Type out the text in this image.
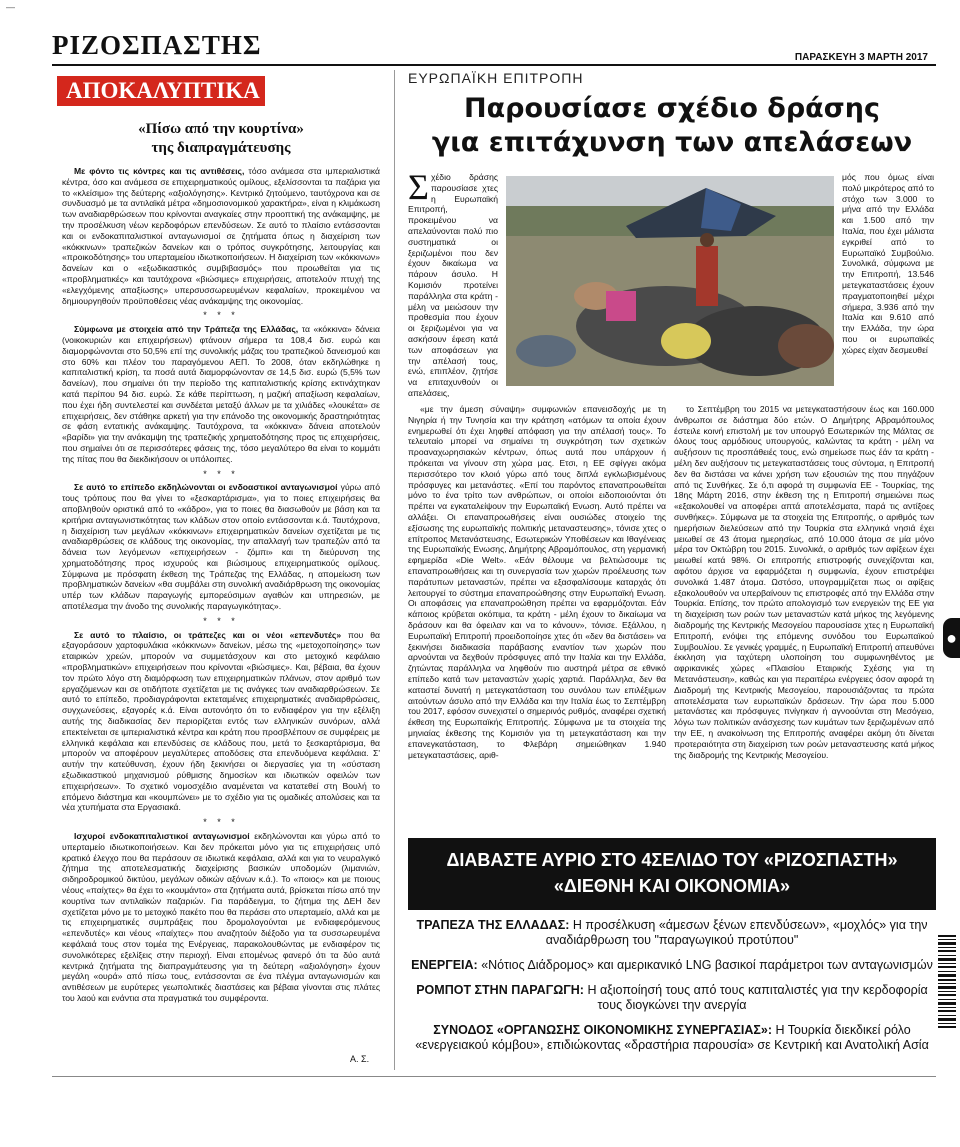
—
ΡΙΖΟΣΠΑΣΤΗΣ	ΠΑΡΑΣΚΕΥΗ 3 ΜΑΡΤΗ 2017
ΑΠΟΚΑΛΥΠΤΙΚΑ
«Πίσω από την κουρτίνα»
της διαπραγμάτευσης

Με φόντο τις κόντρες και τις αντιθέσεις, τόσο ανάμεσα στα ιμπεριαλιστικά κέντρα, όσο και ανάμεσα σε επιχειρηματικούς ομίλους, εξελίσσονται τα παζάρια για το «κλείσιμο» της δεύτερης «αξιολόγησης». Κεντρικό ζητούμενο, ταυτόχρονα και σε συνδυασμό με τα αντιλαϊκά μέτρα «δημοσιονομικού χαρακτήρα», είναι η κλιμάκωση των αναδιαρθρώσεων που κρίνονται αναγκαίες στην προοπτική της ανάκαμψης, με την προσέλκυση νέων κερδοφόρων επενδύσεων. Σε αυτό το πλαίσιο εντάσσονται και οι ενδοκαπιταλιστικοί ανταγωνισμοί σε ζητήματα όπως η διαχείριση των «κόκκινων» τραπεζικών δανείων και ο τρόπος συγκρότησης, λειτουργίας και «προικοδότησης» του υπερταμείου ιδιωτικοποιήσεων. Η διαχείριση των «κόκκινων» δανείων και ο «εξωδικαστικός συμβιβασμός» που προωθείται για τις «προβληματικές» και ταυτόχρονα «βιώσιμες» επιχειρήσεις, αποτελούν πτυχή της «ελεγχόμενης απαξίωσης» υπερσυσσωρευμένων κεφαλαίων, προκειμένου να δημιουργηθούν προϋποθέσεις νέας ανάκαμψης της οικονομίας.

* * *

Σύμφωνα με στοιχεία από την Τράπεζα της Ελλάδας, τα «κόκκινα» δάνεια (νοικοκυριών και επιχειρήσεων) φτάνουν σήμερα τα 108,4 δισ. ευρώ και διαμορφώνονται στο 50,5% επί της συνολικής μάζας του τραπεζικού δανεισμού και στο 60% και πλέον του παραγόμενου ΑΕΠ. Το 2008, όταν εκδηλώθηκε η καπιταλιστική κρίση, τα ποσά αυτά διαμορφώνονταν σε 14,5 δισ. ευρώ (5,5% των δανείων), που σημαίνει ότι την περίοδο της καπιταλιστικής κρίσης εκτινάχτηκαν κατά περίπου 94 δισ. ευρώ. Σε κάθε περίπτωση, η μαζική απαξίωση κεφαλαίων, που έχει ήδη συντελεστεί και συνδέεται μεταξύ άλλων με τα χιλιάδες «λουκέτα» σε επιχειρήσεις, δεν στάθηκε αρκετή για την επάνοδο της οικονομικής δραστηριότητας σε φάση εντατικής ανάκαμψης. Ταυτόχρονα, τα «κόκκινα» δάνεια αποτελούν «βαρίδι» για την ανάκαμψη της τραπεζικής χρηματοδότησης προς τις επιχειρήσεις, που σημαίνει ότι σε περισσότερες φάσεις της, τόσο μεγαλύτερο θα είναι το κομμάτι της πίτας που θα διεκδικήσουν οι υπόλοιπες.

* * *

Σε αυτό το επίπεδο εκδηλώνονται οι ενδοαστικοί ανταγωνισμοί γύρω από τους τρόπους που θα γίνει το «ξεσκαρτάρισμα», για το ποιες επιχειρήσεις θα αποβληθούν οριστικά από το «κάδρο», για το ποιες θα διασωθούν με βάση και τα κριτήρια ανταγωνιστικότητας των κλάδων στον οποίο εντάσσονται κ.ά. Ταυτόχρονα, η διαχείριση των μεγάλων «κόκκινων» επιχειρηματικών δανείων σχετίζεται με τις αναδιαρθρώσεις σε κλάδους της οικονομίας, την απαλλαγή των τραπεζών από τα δάνεια των λεγόμενων «επιχειρήσεων - ζόμπι» και τη διεύρυνση της χρηματοδότησης προς ισχυρούς και βιώσιμους επιχειρηματικούς ομίλους. Σύμφωνα με πρόσφατη έκθεση της Τράπεζας της Ελλάδας, η απομείωση των προβληματικών δανείων «θα συμβάλει στη συνολική αναδιάρθρωση της οικονομίας υπέρ των κλάδων παραγωγής εμπορεύσιμων αγαθών και υπηρεσιών, με αποτέλεσμα την άνοδο της συνολικής παραγωγικότητας».

* * *

Σε αυτό το πλαίσιο, οι τράπεζες και οι νέοι «επενδυτές» που θα εξαγοράσουν χαρτοφυλάκια «κόκκινων» δανείων, μέσω της «μετοχοποίησης» των εταιρικών χρεών, μπορούν να συμμετάσχουν και στο μετοχικό κεφάλαιο «προβληματικών» επιχειρήσεων που κρίνονται «βιώσιμες». Και, βέβαια, θα έχουν τον πρώτο λόγο στη διαμόρφωση των επιχειρηματικών πλάνων, στον αριθμό των εργαζόμενων και σε οτιδήποτε σχετίζεται με τις ανάγκες των αναδιαρθρώσεων. Σε αυτό το επίπεδο, προδιαγράφονται εκτεταμένες επιχειρηματικές αναδιαρθρώσεις, συγχωνεύσεις, εξαγορές κ.ά. Είναι αυτονόητο ότι το ενδιαφέρον για την εξέλιξη αυτής της διαδικασίας δεν περιορίζεται εντός των ελληνικών συνόρων, αλλά επεκτείνεται σε ιμπεριαλιστικά κέντρα και κράτη που προσβλέπουν σε συμφέρεις με ελληνικά κεφάλαια και επενδύσεις σε κλάδους που, μετά το ξεσκαρτάρισμα, θα μπορούν να αποφέρουν μεγαλύτερες αποδόσεις στα επενδυόμενα κεφάλαια. Σ' αυτήν την κατεύθυνση, έχουν ήδη ξεκινήσει οι διεργασίες για τη «σύσταση εξωδικαστικού μηχανισμού ρύθμισης δημοσίων και ιδιωτικών οφειλών των επιχειρήσεων». Το σχετικό νομοσχέδιο αναμένεται να κατατεθεί στη Βουλή το επόμενο διάστημα και «κουμπώνει» με το σχέδιο για τις ομαδικές απολύσεις και τα νέα χτυπήματα στα Εργασιακά.

* * *

Ισχυροί ενδοκαπιταλιστικοί ανταγωνισμοί εκδηλώνονται και γύρω από το υπερταμείο ιδιωτικοποιήσεων. Και δεν πρόκειται μόνο για τις επιχειρήσεις υπό κρατικό έλεγχο που θα περάσουν σε ιδιωτικά κεφάλαια, αλλά και για το νευραλγικό ζήτημα της αποτελεσματικής διαχείρισης βασικών υποδομών (λιμανιών, σιδηροδρομικού δικτύου, μεγάλων οδικών αξόνων κ.ά.). Το «ποιος» και με ποιους νέους «παίχτες» θα έχει το «κουμάντο» στα ζητήματα αυτά, βρίσκεται πίσω από την κουρτίνα των αντιλαϊκών παζαριών. Για παράδειγμα, το ζήτημα της ΔΕΗ δεν σχετίζεται μόνο με το μετοχικό πακέτο που θα περάσει στο υπερταμείο, αλλά και με τις επιχειρηματικές συμπράξεις που δρομολογούνται με ενδιαφερόμενους «επενδυτές» και νέους «παίχτες» που αναζητούν διέξοδο για τα συσσωρευμένα κεφάλαιά τους στον τομέα της Ενέργειας, παρακολουθώντας με ενδιαφέρον τις συνολικότερες εξελίξεις στην περιοχή. Είναι επομένως φανερό ότι τα δύο αυτά κεντρικά ζητήματα της διαπραγμάτευσης για τη δεύτερη «αξιολόγηση» έχουν μεγάλη «ουρά» από πίσω τους, εντάσσονται σε ένα πλέγμα ανταγωνισμών και αντιθέσεων με ευρύτερες γεωπολιτικές διαστάσεις και βέβαια γίνονται στις πλάτες του λαού και ενάντια στα πραγματικά του συμφέροντα.

Α. Σ.
ΕΥΡΩΠΑΪΚΗ ΕΠΙΤΡΟΠΗ
Παρουσίασε σχέδιο δράσης
για επιτάχυνση των απελάσεων

Σχέδιο δράσης παρουσίασε χτες η Ευρωπαϊκή Επιτροπή, προκειμένου να απελαύνονται πολύ πιο συστηματικά οι ξεριζωμένοι που δεν έχουν δικαίωμα να πάρουν άσυλο. Η Κομισιόν προτείνει παράλληλα στα κράτη - μέλη να μειώσουν την προθεσμία που έχουν οι ξεριζωμένοι για να ασκήσουν έφεση κατά των αποφάσεων για την απέλασή τους, ενώ, επιπλέον, ζητήσε να επιταχυνθούν οι απελάσεις,

μός που όμως είναι πολύ μικρότερος από το στόχο των 3.000 το μήνα από την Ελλάδα και 1.500 από την Ιταλία, που έχει μάλιστα εγκριθεί από το Ευρωπαϊκό Συμβούλιο. Συνολικά, σύμφωνα με την Επιτροπή, 13.546 μετεγκαταστάσεις έχουν πραγματοποιηθεί μέχρι σήμερα, 3.936 από την Ιταλία και 9.610 από την Ελλάδα, την ώρα που οι ευρωπαϊκές χώρες είχαν δεσμευθεί

«με την άμεση σύναψη» συμφωνιών επανεισδοχής με τη Νιγηρία ή την Τυνησία και την κράτηση «ατόμων τα οποία έχουν ενημερωθεί ότι έχει ληφθεί απόφαση για την απέλασή τους». Το τελευταίο μπορεί να σημαίνει τη συγκρότηση των σχετικών προαναχωρησιακών κέντρων, όπως αυτά που υπάρχουν ή πρόκειται να γίνουν στη χώρα μας. Ετσι, η ΕΕ σφίγγει ακόμα περισσότερο τον κλοιό γύρω από τους διπλά εγκλωβισμένους πρόσφυγες και μετανάστες. «Επί του παρόντος επαναπροωθείται μόνο το ένα τρίτο των ανθρώπων, οι οποίοι ειδοποιούνται ότι πρέπει να εγκαταλείψουν την Ευρωπαϊκή Ενωση. Αυτό πρέπει να αλλάξει. Οι επαναπροωθήσεις είναι ουσιώδες στοιχείο της εξίσωσης της ευρωπαϊκής πολιτικής μεταναστευσης», τόνισε χτες ο επίτροπος Μετανάστευσης, Εσωτερικών Υποθέσεων και Ιθαγένειας της Ευρωπαϊκής Ενωσης, Δημήτρης Αβραμόπουλος, στη γερμανική εφημερίδα «Die Welt». «Εάν θέλουμε να βελτιώσουμε τις επαναπροωθήσεις και τη συνεργασία των χωρών προέλευσης των παράτυπων μεταναστών, πρέπει να εξασφαλίσουμε καταρχάς ότι λειτουργεί το σύστημα επαναπροώθησης στην Ευρωπαϊκή Ενωση. Οι αποφάσεις για επαναπροώθηση πρέπει να εφαρμόζονται. Εάν κάποιος κρύβεται οκόπιμα, τα κράτη - μέλη έχουν το δικαίωμα να δράσουν και θα όφειλαν και να το κάνουν», τόνισε. Εξάλλου, η Ευρωπαϊκή Επιτροπή προειδοποίησε χτες ότι «δεν θα διστάσει» να ξεκινήσει διαδικασία παράβασης εναντίον των χωρών που αρνούνται να δεχθούν πρόσφυγες από την Ιταλία και την Ελλάδα, ζητώντας παράλληλα να ληφθούν πιο αυστηρά μέτρα σε εθνικό επίπεδο κατά των μεταναστών χωρίς χαρτιά. Παράλληλα, δεν θα καταστεί δυνατή η μετεγκατάσταση του συνόλου των επιλέξιμων αιτούντων άσυλο από την Ελλάδα και την Ιταλία έως το Σεπτέμβρη του 2017, εφόσον συνεχιστεί ο σημερινός ρυθμός, αναφέρει σχετική έκθεση της Ευρωπαϊκής Επιτροπής. Σύμφωνα με τα στοιχεία της μηνιαίας έκθεσης της Κομισιόν για τη μετεγκατάσταση και την επανεγκατάσταση, το Φλεβάρη σημειώθηκαν 1.940 μετεγκαταστάσεις, αριθ-

το Σεπτέμβρη του 2015 να μετεγκαταστήσουν έως και 160.000 άνθρωποι σε διάστημα δύο ετών. Ο Δημήτρης Αβραμόπουλος έστειλε κοινή επιστολή με τον υπουργό Εσωτερικών της Μάλτας σε όλους τους αρμόδιους υπουργούς, καλώντας τα κράτη - μέλη να αυξήσουν τις προσπάθειές τους, ενώ σημείωσε πως έάν τα κράτη - μέλη δεν αυξήσουν τις μετεγκαταστάσεις τους σύντομα, η Επιτροπή δεν θα διστάσει να κάνει χρήση των εξουσιών της που πηγάζουν από τις Συνθήκες. Σε ό,τι αφορά τη συμφωνία ΕΕ - Τουρκίας, της 18ης Μάρτη 2016, στην έκθεση της η Επιτροπή σημειώνει πως «εξακολουθεί να αποφέρει απτά αποτελέσματα, παρά τις αντίξοες συνθήκες». Σύμφωνα με τα στοιχεία της Επιτροπής, ο αριθμός των ημερήσιων διελεύσεων από την Τουρκία στα ελληνικά νησιά έχει μειωθεί σε 43 άτομα ημερησίως, από 10.000 άτομα σε μία μόνο μέρα τον Οκτώβρη του 2015. Συνολικά, ο αριθμός των αφίξεων έχει μειωθεί κατά 98%. Οι επιτροπής επιστροφής συνεχίζονται και, αφότου άρχισε να εφαρμόζεται η συμφωνία, έχουν επιστρέψει συνολικά 1.487 άτομα. Ωστόσο, υπογραμμίζεται πως οι αφίξεις εξακολουθούν να υπερβαίνουν τις επιστροφές από την Ελλάδα στην Τουρκία. Επίσης, τον πρώτο απολογισμό των ενεργειών της ΕΕ για τη διαχείριση των ροών των μεταναστών κατά μήκος της λεγόμενης διαδρομής της Κεντρικής Μεσογείου παρουσίασε χτες η Ευρωπαϊκή Επιτροπή, ενόψει της επόμενης συνόδου του Ευρωπαϊκού Συμβουλίου. Σε γενικές γραμμές, η Ευρωπαϊκή Επιτροπή απευθύνει έκκληση για ταχύτερη υλοποίηση του συμφωνηθέντος με αφρικανικές χώρες «Πλαισίου Εταιρικής Σχέσης για τη Μετανάστευση», καθώς και για περαιτέρω ενέργειες όσον αφορά τη Διαδρομή της Κεντρικής Μεσογείου, παρουσιάζοντας τα πρώτα αποτελέσματα των ευρωπαϊκών δράσεων. Την ώρα που 5.000 μετανάστες και πρόσφυγες πνίγηκαν ή αγνοούνται στη Μεσόγειο, λόγω των πολιτικών ανάσχεσης των κυμάτων των ξεριζωμένων από την ΕΕ, η ανακοίνωση της Επιτροπής αναφέρει ακόμη ότι δίνεται προτεραιότητα στη διαχείριση των ροών μεταναστευσης κατά μήκος της διαδρομής της Κεντρικής Μεσογείου.

●
ΔΙΑΒΑΣΤΕ ΑΥΡΙΟ ΣΤΟ 4ΣΕΛΙΔΟ ΤΟΥ «ΡΙΖΟΣΠΑΣΤΗ»
«ΔΙΕΘΝΗ ΚΑΙ ΟΙΚΟΝΟΜΙΑ»
ΤΡΑΠΕΖΑ ΤΗΣ ΕΛΛΑΔΑΣ: Η προσέλκυση «άμεσων ξένων επενδύσεων», «μοχλός» για την αναδιάρθρωση του "παραγωγικού προτύπου"
ΕΝΕΡΓΕΙΑ: «Νότιος Διάδρομος» και αμερικανικό LNG βασικοί παράμετροι των ανταγωνισμών
ΡΟΜΠΟΤ ΣΤΗΝ ΠΑΡΑΓΩΓΗ: Η αξιοποίησή τους από τους καπιταλιστές για την κερδοφορία τους διογκώνει την ανεργία
ΣΥΝΟΔΟΣ «ΟΡΓΑΝΩΣΗΣ ΟΙΚΟΝΟΜΙΚΗΣ ΣΥΝΕΡΓΑΣΙΑΣ»: Η Τουρκία διεκδικεί ρόλο «ενεργειακού κόμβου», επιδιώκοντας «δραστήρια παρουσία» σε Κεντρική και Ανατολική Ασία
